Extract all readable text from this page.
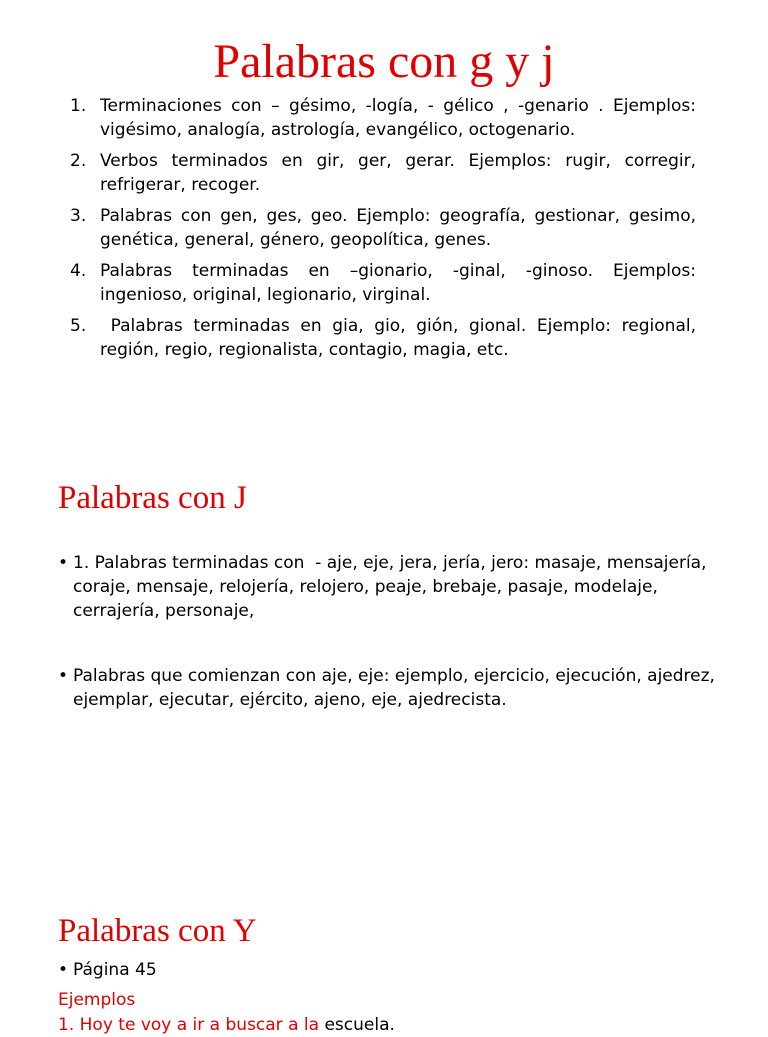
Palabras con g y j
1. Terminaciones con – gésimo, -logía, - gélico , -genario . Ejemplos: vigésimo, analogía, astrología, evangélico, octogenario.
2. Verbos terminados en gir, ger, gerar. Ejemplos: rugir, corregir, refrigerar, recoger.
3. Palabras con gen, ges, geo. Ejemplo: geografía, gestionar, gesimo, genética, general, género, geopolítica, genes.
4. Palabras terminadas en –gionario, -ginal, -ginoso. Ejemplos: ingenioso, original, legionario, virginal.
5. Palabras terminadas en gia, gio, gión, gional. Ejemplo: regional, región, regio, regionalista, contagio, magia, etc.
Palabras con J
• 1. Palabras terminadas con  - aje, eje, jera, jería, jero: masaje, mensajería, coraje, mensaje, relojería, relojero, peaje, brebaje, pasaje, modelaje, cerrajería, personaje,
• Palabras que comienzan con aje, eje: ejemplo, ejercicio, ejecución, ajedrez, ejemplar, ejecutar, ejército, ajeno, eje, ajedrecista.
Palabras con Y
• Página 45

Ejemplos

1. Hoy te voy a ir a buscar a la escuela.
